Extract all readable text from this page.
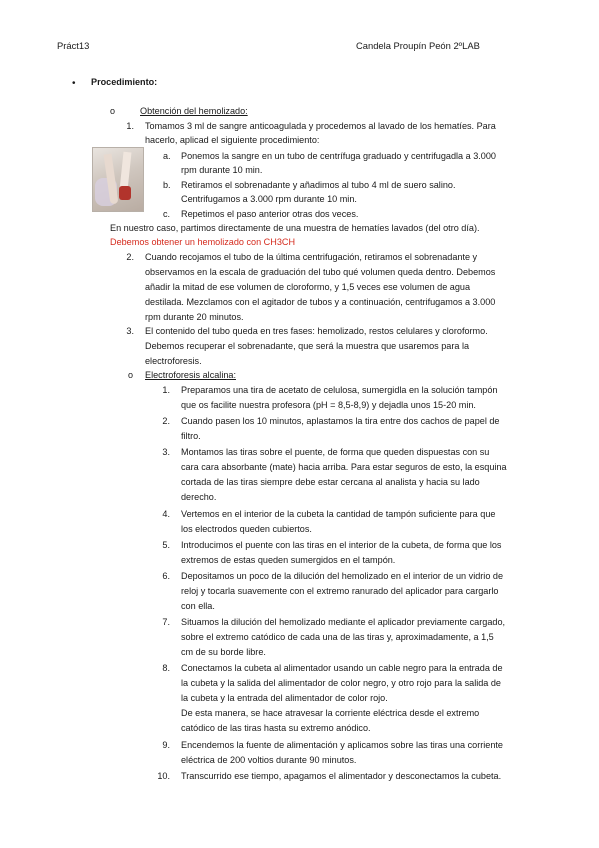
Práct13	Candela Proupín Peón 2ºLAB
• Procedimiento:
o	Obtención del hemolizado:
1. Tomamos 3 ml de sangre anticoagulada y procedemos al lavado de los hematíes. Para
hacerlo, aplicad el siguiente procedimiento:
a. Ponemos la sangre en un tubo de centrífuga graduado y centrifugadla a 3.000
rpm durante 10 min.
b. Retiramos el sobrenadante y añadimos al tubo 4 ml de suero salino.
Centrifugamos a 3.000 rpm durante 10 min.
c. Repetimos el paso anterior otras dos veces.
En nuestro caso, partimos directamente de una muestra de hematíes lavados (del otro día).
Debemos obtener un hemolizado con CH3CH
2. Cuando recojamos el tubo de la última centrifugación, retiramos el sobrenadante y
observamos en la escala de graduación del tubo qué volumen queda dentro. Debemos
añadir la mitad de ese volumen de cloroformo, y 1,5 veces ese volumen de agua
destilada. Mezclamos con el agitador de tubos y a continuación, centrifugamos a 3.000
rpm durante 20 minutos.
3. El contenido del tubo queda en tres fases: hemolizado, restos celulares y cloroformo.
Debemos recuperar el sobrenadante, que será la muestra que usaremos para la
electroforesis.
o Electroforesis alcalina:
1. Preparamos una tira de acetato de celulosa, sumergidla en la solución tampón
que os facilite nuestra profesora (pH = 8,5-8,9) y dejadla unos 15-20 min.
2. Cuando pasen los 10 minutos, aplastamos la tira entre dos cachos de papel de
filtro.
3. Montamos las tiras sobre el puente, de forma que queden dispuestas con su
cara cara absorbante (mate) hacia arriba. Para estar seguros de esto, la esquina
cortada de las tiras siempre debe estar cercana al analista y hacia su lado
derecho.
4. Vertemos en el interior de la cubeta la cantidad de tampón suficiente para que
los electrodos queden cubiertos.
5. Introducimos el puente con las tiras en el interior de la cubeta, de forma que los
extremos de estas queden sumergidos en el tampón.
6. Depositamos un poco de la dilución del hemolizado en el interior de un vidrio de
reloj y tocarla suavemente con el extremo ranurado del aplicador para cargarlo
con ella.
7. Situamos la dilución del hemolizado mediante el aplicador previamente cargado,
sobre el extremo catódico de cada una de las tiras y, aproximadamente, a 1,5
cm de su borde libre.
8. Conectamos la cubeta al alimentador usando un cable negro para la entrada de
la cubeta y la salida del alimentador de color negro, y otro rojo para la salida de
la cubeta y la entrada del alimentador de color rojo.
De esta manera, se hace atravesar la corriente eléctrica desde el extremo
catódico de las tiras hasta su extremo anódico.
9. Encendemos la fuente de alimentación y aplicamos sobre las tiras una corriente
eléctrica de 200 voltios durante 90 minutos.
10. Transcurrido ese tiempo, apagamos el alimentador y desconectamos la cubeta.
